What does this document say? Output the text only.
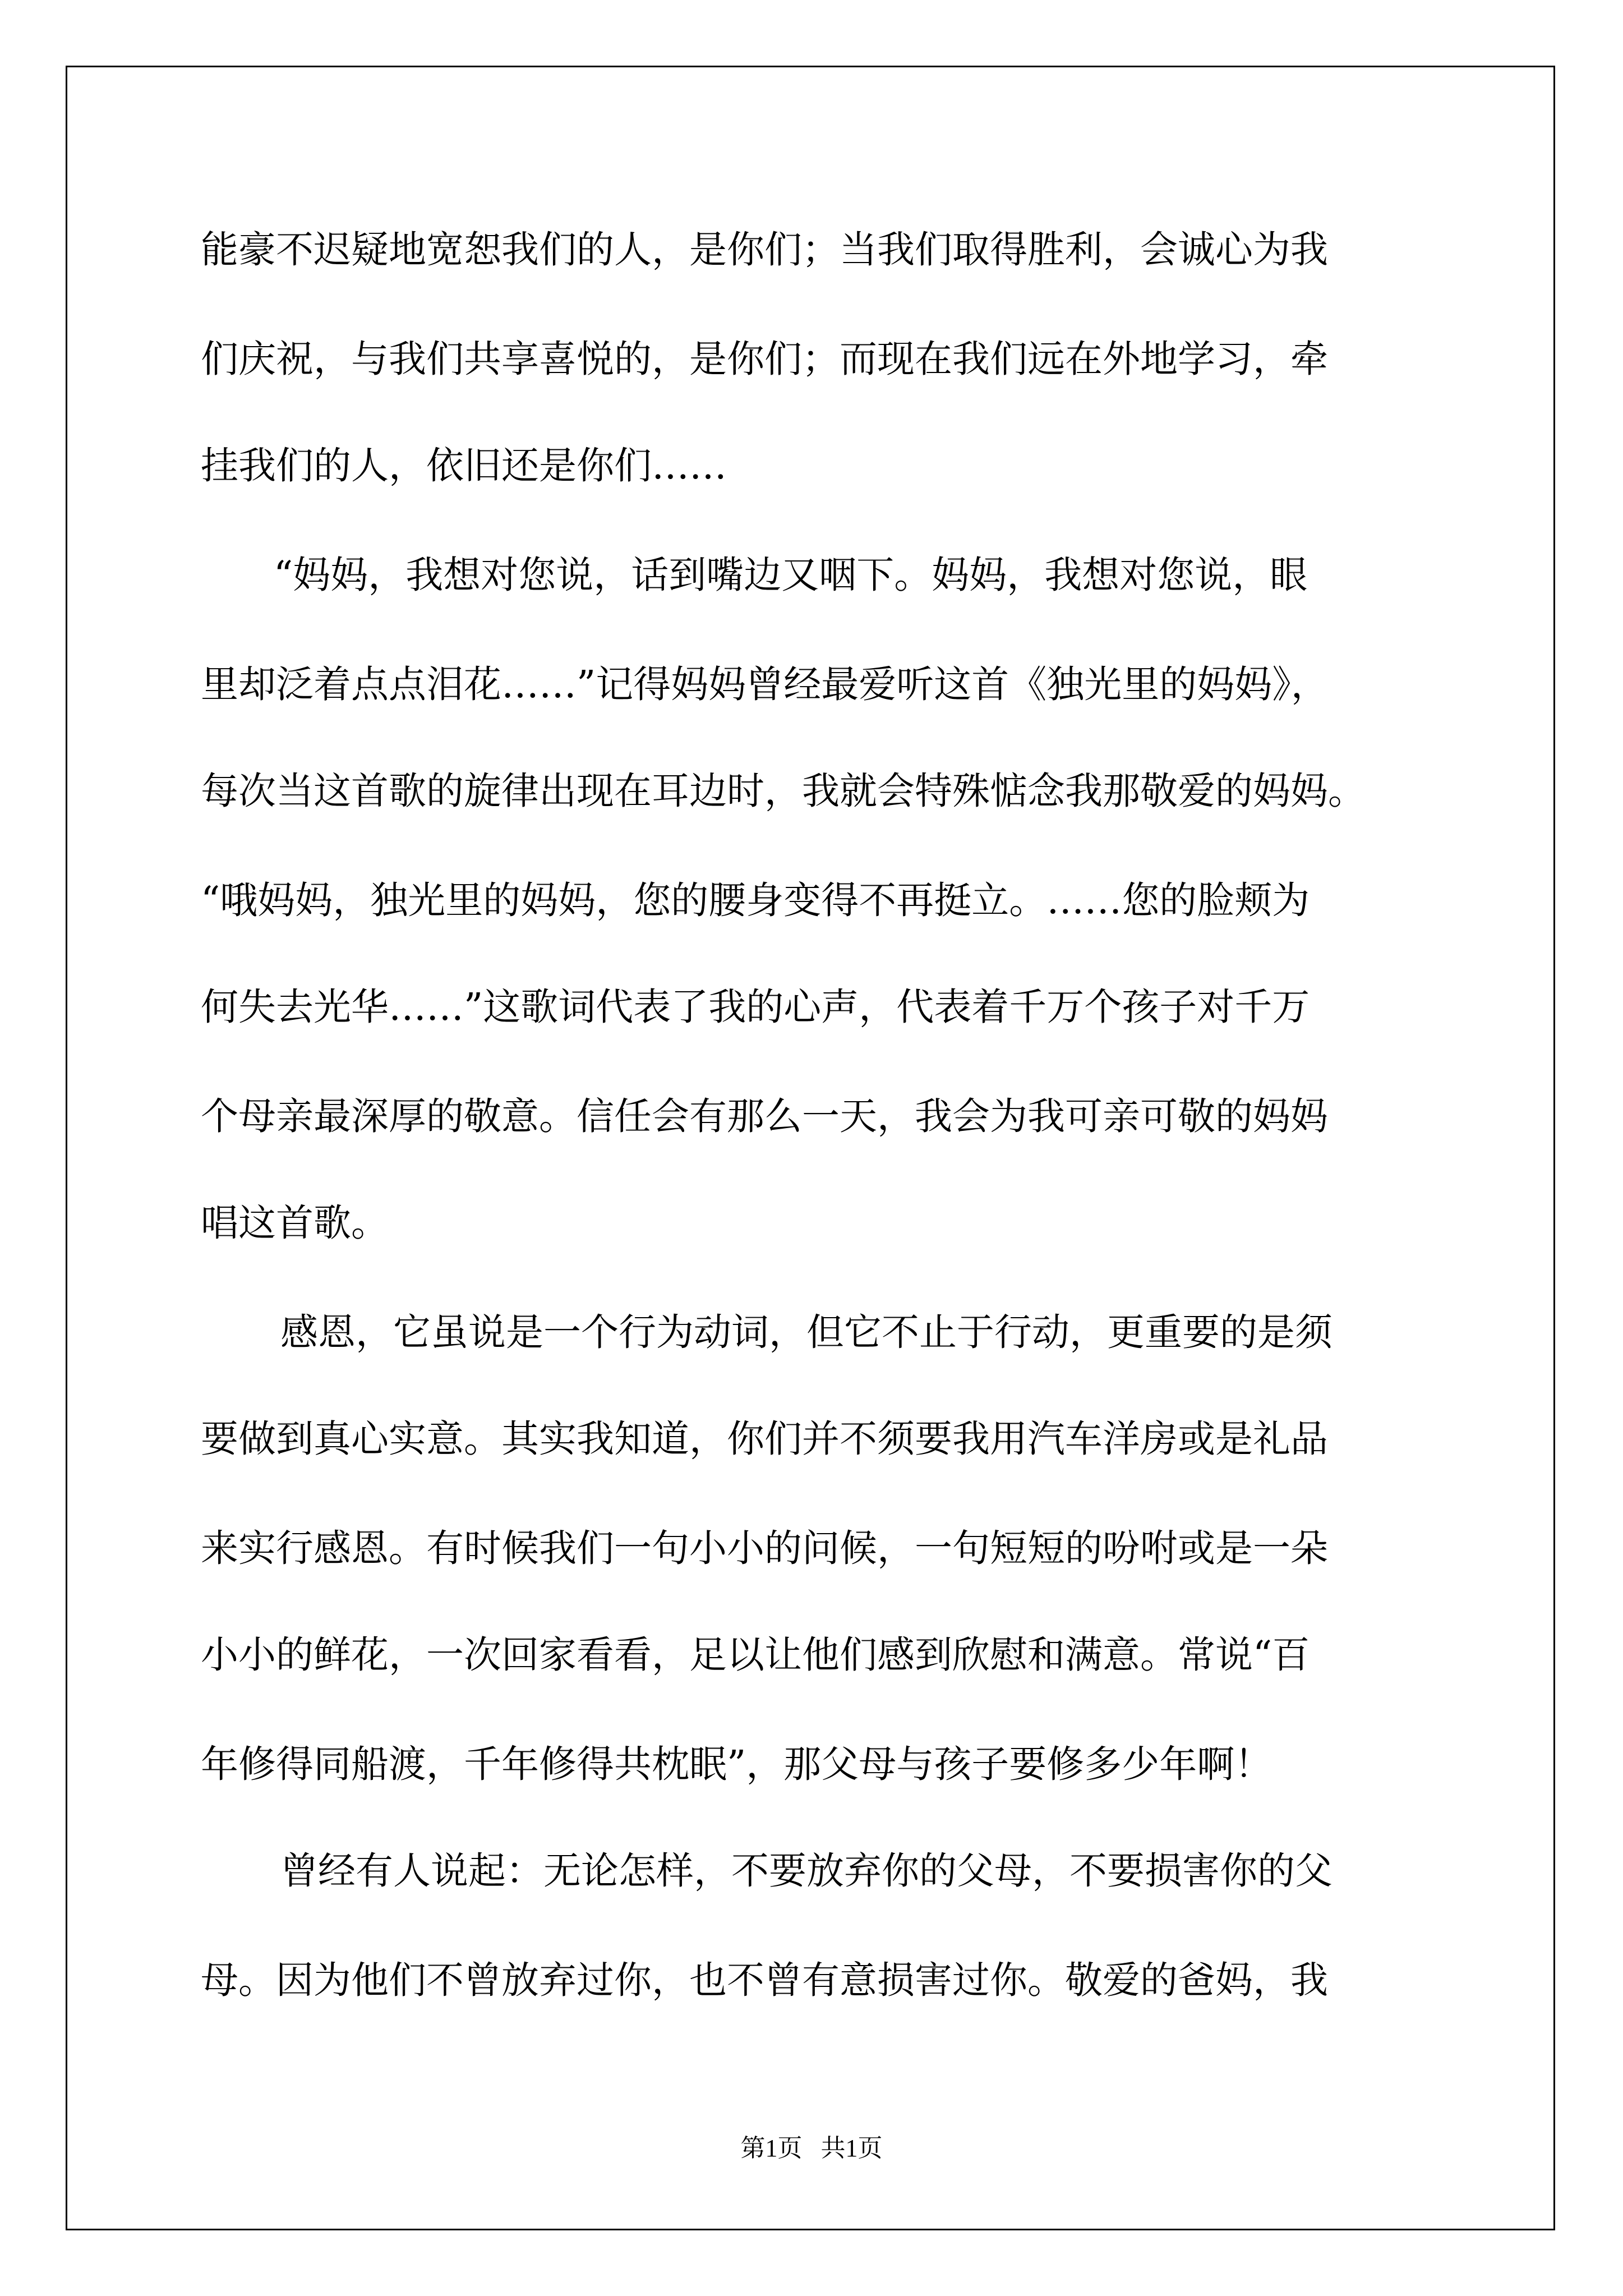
能豪不迟疑地宽恕我们的人，是你们；当我们取得胜利，会诚心为我

们庆祝，与我们共享喜悦的，是你们；而现在我们远在外地学习，牵

挂我们的人，依旧还是你们……

“妈妈，我想对您说，话到嘴边又咽下。妈妈，我想对您说，眼

里却泛着点点泪花……”记得妈妈曾经最爱听这首《独光里的妈妈》，

每次当这首歌的旋律出现在耳边时，我就会特殊惦念我那敬爱的妈妈。

“哦妈妈，独光里的妈妈，您的腰身变得不再挺立。……您的脸颊为

何失去光华……”这歌词代表了我的心声，代表着千万个孩子对千万

个母亲最深厚的敬意。信任会有那么一天，我会为我可亲可敬的妈妈

唱这首歌。

感恩，它虽说是一个行为动词，但它不止于行动，更重要的是须

要做到真心实意。其实我知道，你们并不须要我用汽车洋房或是礼品

来实行感恩。有时候我们一句小小的问候，一句短短的吩咐或是一朵

小小的鲜花，一次回家看看，足以让他们感到欣慰和满意。常说“百

年修得同船渡，千年修得共枕眠”，那父母与孩子要修多少年啊！

曾经有人说起：无论怎样，不要放弃你的父母，不要损害你的父

母。因为他们不曾放弃过你，也不曾有意损害过你。敬爱的爸妈，我

第1页   共1页
